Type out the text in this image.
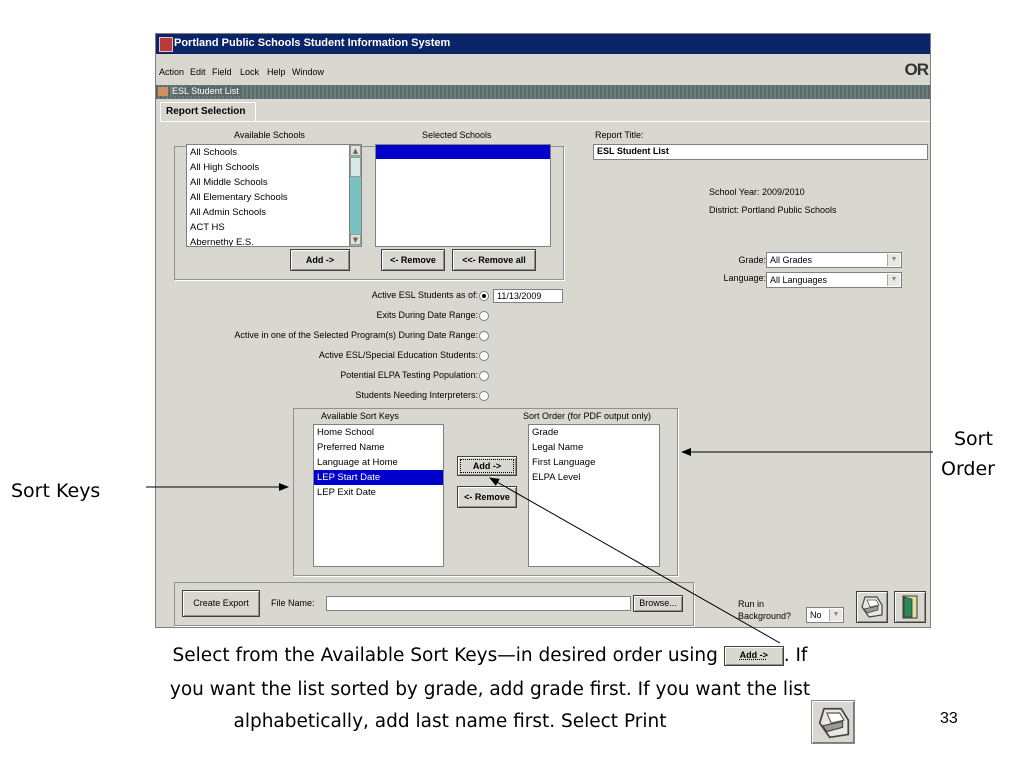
Portland Public Schools Student Information System
Action Edit Field Lock Help Window	OR
ESL Student List
Report Selection
Available Schools	Selected Schools
All Schools
All High Schools
All Middle Schools
All Elementary Schools
All Admin Schools
ACT HS
Abernethy E.S.
▲
▼
Add ->	<- Remove	<<- Remove all
Report Title:
ESL Student List
School Year: 2009/2010
District: Portland Public Schools
Grade: All Grades	▼
Language: All Languages	▼
Active ESL Students as of:	11/13/2009
Exits During Date Range:
Active in one of the Selected Program(s) During Date Range:
Active ESL/Special Education Students:
Potential ELPA Testing Population:
Students Needing Interpreters:
Available Sort Keys	Sort Order (for PDF output only)
Home School
Preferred Name
Language at Home
LEP Start Date
LEP Exit Date
Grade
Legal Name
First Language
ELPA Level
Add ->
<- Remove
Create Export	File Name:	Browse...	Run in
Background?	No	▼
Sort Keys
Sort
Order
Select from the Available Sort Keys—in desired order using Add -> . If
you want the list sorted by grade, add grade first. If you want the list
alphabetically, add last name first. Select Print	33
